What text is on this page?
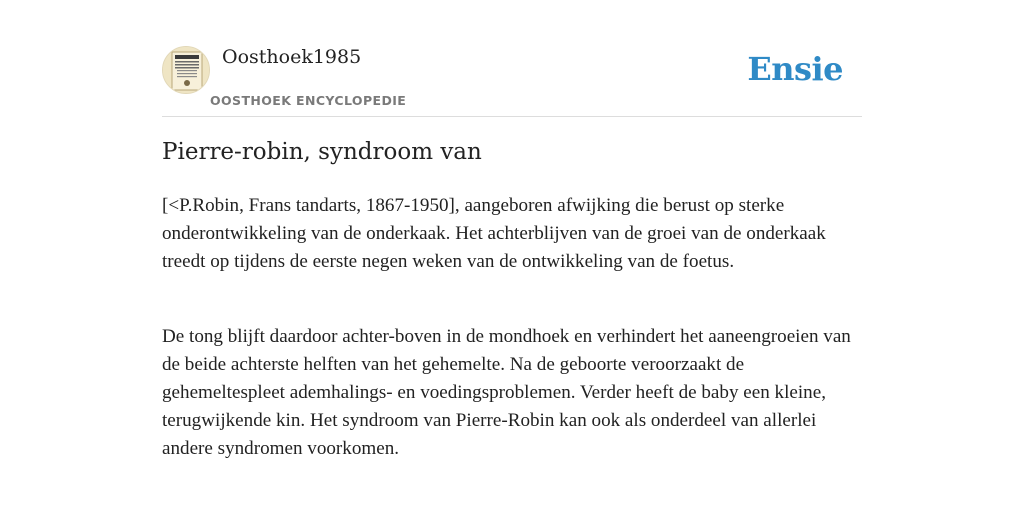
Oosthoek1985
OOSTHOEK ENCYCLOPEDIE
Ensie
Pierre-robin, syndroom van

[<P.Robin, Frans tandarts, 1867-1950], aangeboren afwijking die berust op sterke onderontwikkeling van de onderkaak. Het achterblijven van de groei van de onderkaak treedt op tijdens de eerste negen weken van de ontwikkeling van de foetus.

De tong blijft daardoor achter-boven in de mondhoek en verhindert het aaneengroeien van de beide achterste helften van het gehemelte. Na de geboorte veroorzaakt de gehemeltespleet ademhalings- en voedingsproblemen. Verder heeft de baby een kleine, terugwijkende kin. Het syndroom van Pierre-Robin kan ook als onderdeel van allerlei andere syndromen voorkomen.
